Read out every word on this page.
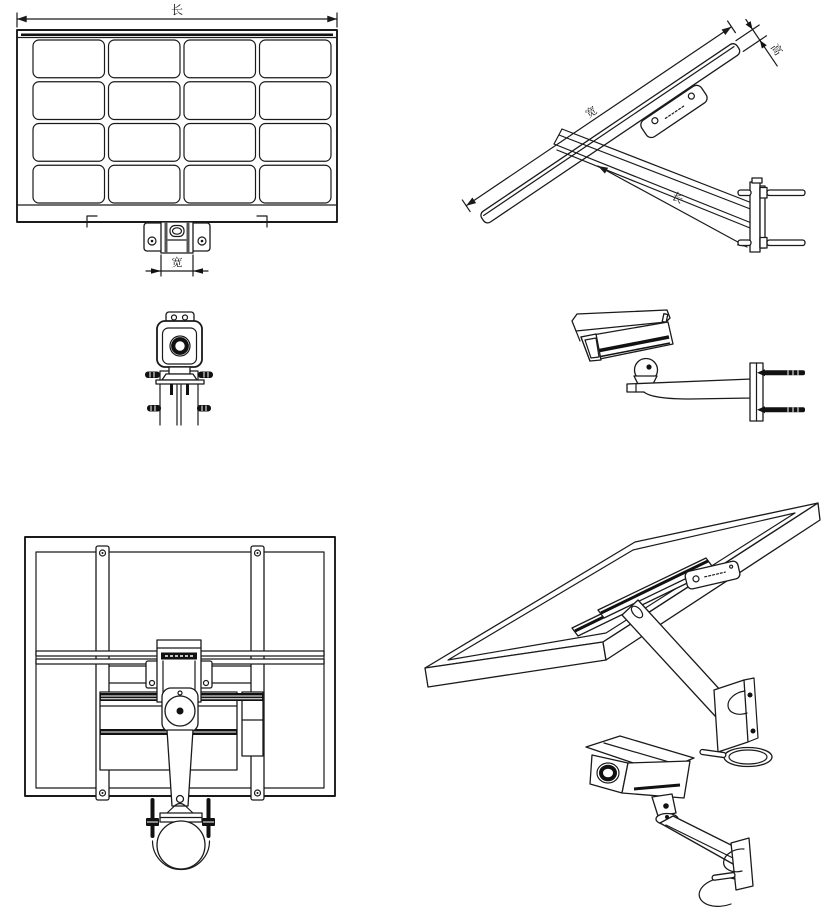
长
宽
宽
高
长
